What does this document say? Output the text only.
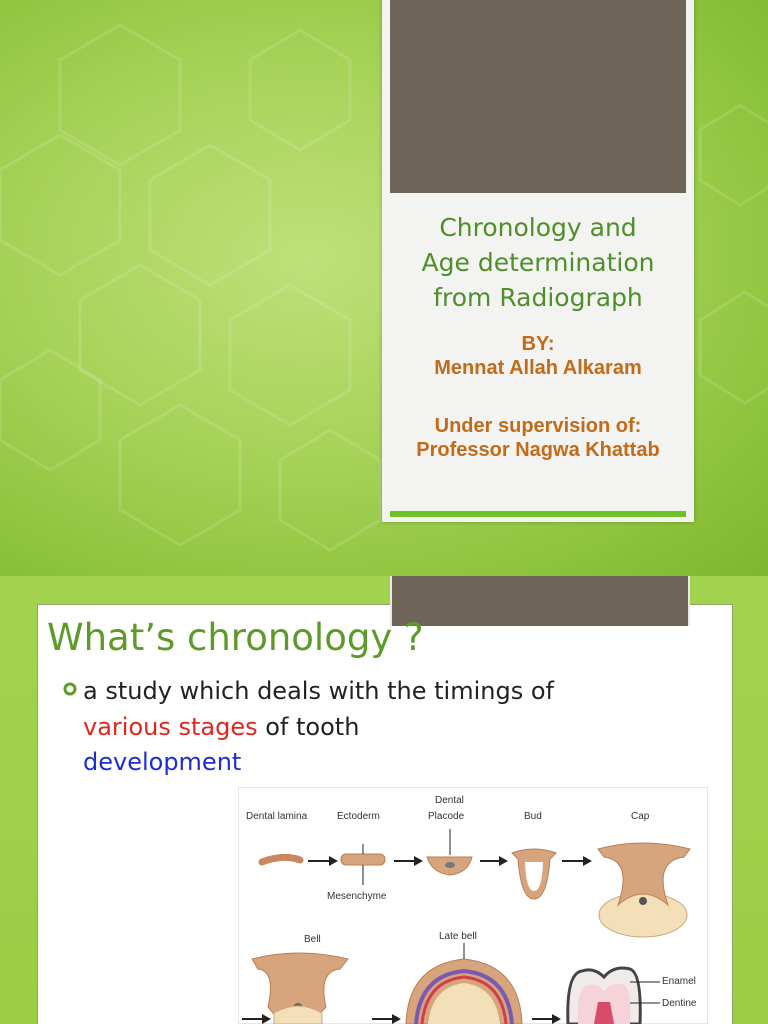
Chronology and
Age determination
from Radiograph
BY:
Mennat Allah Alkaram
Under supervision of:
Professor Nagwa Khattab
What’s chronology ?
a study which deals with the timings of various stages of tooth
development
Dental lamina	Ectoderm
Dental
Placode	Bud	Cap
Mesenchyme
Bell	Late bell
Enamel
Dentine
